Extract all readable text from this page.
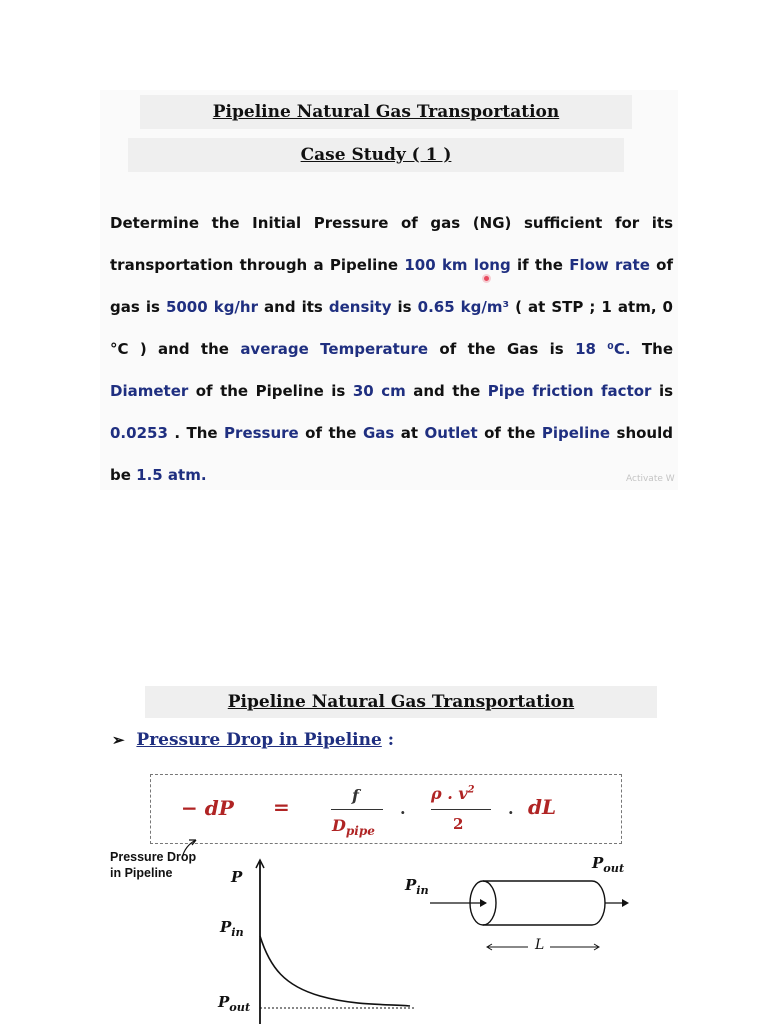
Pipeline Natural Gas Transportation
Case Study ( 1 )
Determine the Initial Pressure of gas (NG) sufficient for its transportation through a Pipeline 100 km long if the Flow rate of gas is 5000 kg/hr and its density is 0.65 kg/m³ ( at STP ; 1 atm, 0 °C ) and the average Temperature of the Gas is 18 ⁰C. The Diameter of the Pipeline is 30 cm and the Pipe friction factor is 0.0253 . The Pressure of the Gas at Outlet of the Pipeline should be 1.5 atm.	Activate W
Pipeline Natural Gas Transportation
➢ Pressure Drop in Pipeline :
− dP =	f
$D_{pipe}$
.
ρ . $v^2$
2
. dL
Pressure Drop
in Pipeline	P
$P_{in}$
$P_{out}$
$P_{in}$
$P_{out}$
L
